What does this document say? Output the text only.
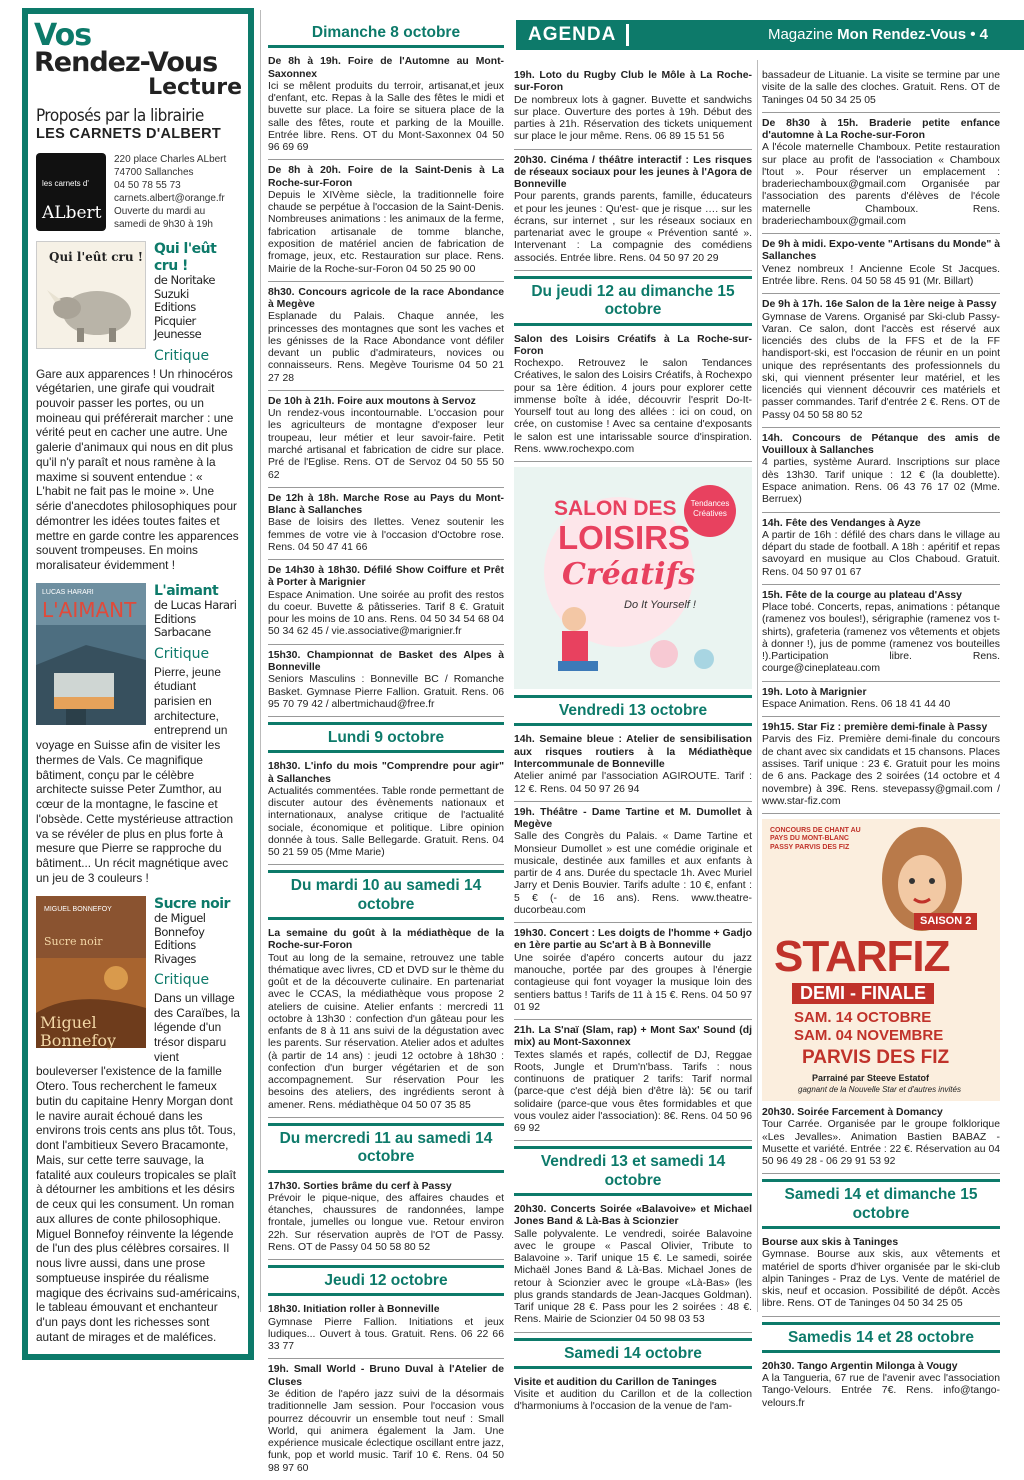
AGENDA	Magazine Mon Rendez-Vous • 4
Vos
Rendez-Vous
Lecture
Proposés par la librairie
LES CARNETS D'ALBERT
les carnets d'
ALbert
220 place Charles ALbert
74700 Sallanches
04 50 78 55 73
carnets.albert@orange.fr
Ouverte du mardi au
samedi de 9h30 à 19h
Qui l'eût cru ! Qui l'eût cru !
de Noritake Suzuki
Editions Picquier
Jeunesse
Critique
Gare aux apparences ! Un rhinocéros végétarien, une girafe qui voudrait pouvoir passer les portes, ou un moineau qui préférerait marcher : une vérité peut en cacher une autre. Une galerie d'animaux qui nous en dit plus qu'il n'y paraît et nous ramène à la maxime si souvent entendue : « L'habit ne fait pas le moine ». Une série d'anecdotes philosophiques pour démontrer les idées toutes faites et mettre en garde contre les apparences souvent trompeuses. En moins moralisateur évidemment !
LUCAS HARARI
L'AIMANT
L'aimant
de Lucas Harari
Editions Sarbacane
Critique
Pierre, jeune étudiant parisien en architecture, entreprend un voyage en Suisse afin de visiter les thermes de Vals. Ce magnifique bâtiment, conçu par le célèbre architecte suisse Peter Zumthor, au cœur de la montagne, le fascine et l'obsède. Cette mystérieuse attraction va se révéler de plus en plus forte à mesure que Pierre se rapproche du bâtiment... Un récit magnétique avec un jeu de 3 couleurs !
MIGUEL BONNEFOY
Sucre noir
Miguel Bonnefoy
Sucre noir
de Miguel Bonnefoy
Editions Rivages
Critique
Dans un village des Caraïbes, la légende d'un trésor disparu vient bouleverser l'existence de la famille Otero. Tous recherchent le fameux butin du capitaine Henry Morgan dont le navire aurait échoué dans les environs trois cents ans plus tôt. Tous, dont l'ambitieux Severo Bracamonte, Mais, sur cette terre sauvage, la fatalité aux couleurs tropicales se plaît à détourner les ambitions et les désirs de ceux qui les consument. Un roman aux allures de conte philosophique. Miguel Bonnefoy réinvente la légende de l'un des plus célèbres corsaires. Il nous livre aussi, dans une prose somptueuse inspirée du réalisme magique des écrivains sud-américains, le tableau émouvant et enchanteur d'un pays dont les richesses sont autant de mirages et de maléfices.
Dimanche 8 octobre
De 8h à 19h. Foire de l'Automne au Mont-Saxonnex
Ici se mêlent produits du terroir, artisanat,et jeux d'enfant, etc. Repas à la Salle des fêtes le midi et buvette sur place. La foire se situera place de la salle des fêtes, route et parking de la Mouille. Entrée libre. Rens. OT du Mont-Saxonnex 04 50 96 69 69
De 8h à 20h. Foire de la Saint-Denis à La Roche-sur-Foron
Depuis le XIVème siècle, la traditionnelle foire chaude se perpétue à l'occasion de la Saint-Denis. Nombreuses animations : les animaux de la ferme, fabrication artisanale de tomme blanche, exposition de matériel ancien de fabrication de fromage, jeux, etc. Restauration sur place. Rens. Mairie de la Roche-sur-Foron 04 50 25 90 00
8h30. Concours agricole de la race Abondance à Megève
Esplanade du Palais. Chaque année, les princesses des montagnes que sont les vaches et les génisses de la Race Abondance vont défiler devant un public d'admirateurs, novices ou connaisseurs. Rens. Megève Tourisme 04 50 21 27 28
De 10h à 21h. Foire aux moutons à Servoz
Un rendez-vous incontournable. L'occasion pour les agriculteurs de montagne d'exposer leur troupeau, leur métier et leur savoir-faire. Petit marché artisanal et fabrication de cidre sur place. Pré de l'Eglise. Rens. OT de Servoz 04 50 55 50 62
De 12h à 18h. Marche Rose au Pays du Mont-Blanc à Sallanches
Base de loisirs des Ilettes. Venez soutenir les femmes de votre vie à l'occasion d'Octobre rose. Rens. 04 50 47 41 66
De 14h30 à 18h30. Défilé Show Coiffure et Prêt à Porter à Marignier
Espace Animation. Une soirée au profit des restos du coeur. Buvette & pâtisseries. Tarif 8 €. Gratuit pour les moins de 10 ans. Rens. 04 50 34 54 68 04 50 34 62 45 / vie.associative@marignier.fr
15h30. Championnat de Basket des Alpes à Bonneville
Seniors Masculins : Bonneville BC / Romanche Basket. Gymnase Pierre Fallion. Gratuit. Rens. 06 95 70 79 42 / albertmichaud@free.fr
Lundi 9 octobre
18h30. L'info du mois "Comprendre pour agir" à Sallanches
Actualités commentées. Table ronde permettant de discuter autour des évènements nationaux et internationaux, analyse critique de l'actualité sociale, économique et politique. Libre opinion donnée à tous. Salle Bellegarde. Gratuit. Rens. 04 50 21 59 05 (Mme Marie)
Du mardi 10 au samedi 14 octobre
La semaine du goût à la médiathèque de la Roche-sur-Foron
Tout au long de la semaine, retrouvez une table thématique avec livres, CD et DVD sur le thème du goût et de la découverte culinaire. En partenariat avec le CCAS, la médiathèque vous propose 2 ateliers de cuisine. Atelier enfants : mercredi 11 octobre à 13h30 : confection d'un gâteau pour les enfants de 8 à 11 ans suivi de la dégustation avec les parents. Sur réservation. Atelier ados et adultes (à partir de 14 ans) : jeudi 12 octobre à 18h30 : confection d'un burger végétarien et de son accompagnement. Sur réservation Pour les besoins des ateliers, des ingrédients seront à amener. Rens. médiathèque 04 50 07 35 85
Du mercredi 11 au samedi 14 octobre
17h30. Sorties brâme du cerf à Passy
Prévoir le pique-nique, des affaires chaudes et étanches, chaussures de randonnées, lampe frontale, jumelles ou longue vue. Retour environ 22h. Sur réservation auprès de l'OT de Passy. Rens. OT de Passy 04 50 58 80 52
Jeudi 12 octobre
18h30. Initiation roller à Bonneville
Gymnase Pierre Fallion. Initiations et jeux ludiques... Ouvert à tous. Gratuit. Rens. 06 22 66 33 77
19h. Small World - Bruno Duval à l'Atelier de Cluses
3e édition de l'apéro jazz suivi de la désormais traditionnelle Jam session. Pour l'occasion vous pourrez découvrir un ensemble tout neuf : Small World, qui animera également la Jam. Une expérience musicale éclectique oscillant entre jazz, funk, pop et world music. Tarif 10 €. Rens. 04 50 98 97 60
19h. Loto du Rugby Club le Môle à La Roche-sur-Foron
De nombreux lots à gagner. Buvette et sandwichs sur place. Ouverture des portes à 19h. Début des parties à 21h. Réservation des tickets uniquement sur place le jour même. Rens. 06 89 15 51 56
20h30. Cinéma / théâtre interactif : Les risques de réseaux sociaux pour les jeunes à l'Agora de Bonneville
Pour parents, grands parents, famille, éducateurs et pour les jeunes : Qu'est- que je risque …. sur les écrans, sur internet , sur les réseaux sociaux en partenariat avec le groupe « Prévention santé ». Intervenant : La compagnie des comédiens associés. Entrée libre. Rens. 04 50 97 20 29
Du jeudi 12 au dimanche 15 octobre
Salon des Loisirs Créatifs à La Roche-sur-Foron
Rochexpo. Retrouvez le salon Tendances Créatives, le salon des Loisirs Créatifs, à Rochexpo pour sa 1ère édition. 4 jours pour explorer cette immense boîte à idée, découvrir l'esprit Do-It-Yourself tout au long des allées : ici on coud, on crée, on customise ! Avec sa centaine d'exposants le salon est une intarissable source d'inspiration. Rens. www.rochexpo.com
SALON DES
LOISIRS
Créatifs
Do It Yourself !
Tendances Créatives
Vendredi 13 octobre
14h. Semaine bleue : Atelier de sensibilisation aux risques routiers à la Médiathèque Intercommunale de Bonneville
Atelier animé par l'association AGIROUTE. Tarif : 12 €. Rens. 04 50 97 26 94
19h. Théâtre - Dame Tartine et M. Dumollet à Megève
Salle des Congrès du Palais. « Dame Tartine et Monsieur Dumollet » est une comédie originale et musicale, destinée aux familles et aux enfants à partir de 4 ans. Durée du spectacle 1h. Avec Muriel Jarry et Denis Bouvier. Tarifs adulte : 10 €, enfant : 5 € (- de 16 ans). Rens. www.theatre-ducorbeau.com
19h30. Concert : Les doigts de l'homme + Gadjo en 1ère partie au Sc'art à B à Bonneville
Une soirée d'apéro concerts autour du jazz manouche, portée par des groupes à l'énergie contagieuse qui font voyager la musique loin des sentiers battus ! Tarifs de 11 à 15 €. Rens. 04 50 97 01 92
21h. La S'naï (Slam, rap) + Mont Sax' Sound (dj mix) au Mont-Saxonnex
Textes slamés et rapés, collectif de DJ, Reggae Roots, Jungle et Drum'n'bass. Tarifs : nous continuons de pratiquer 2 tarifs: Tarif normal (parce-que c'est déjà bien d'être là): 5€ ou tarif solidaire (parce-que vous êtes formidables et que vous voulez aider l'association): 8€. Rens. 04 50 96 69 92
Vendredi 13 et samedi 14 octobre
20h30. Concerts Soirée «Balavoive» et Michael Jones Band & Là-Bas à Scionzier
Salle polyvalente. Le vendredi, soirée Balavoine avec le groupe « Pascal Olivier, Tribute to Balavoine ». Tarif unique 15 €. Le samedi, soirée Michaël Jones Band & Là-Bas. Michael Jones de retour à Scionzier avec le groupe «Là-Bas» (les plus grands standards de Jean-Jacques Goldman). Tarif unique 28 €. Pass pour les 2 soirées : 48 €. Rens. Mairie de Scionzier 04 50 98 03 53
Samedi 14 octobre
Visite et audition du Carillon de Taninges
Visite et audition du Carillon et de la collection d'harmoniums à l'occasion de la venue de l'am-
bassadeur de Lituanie. La visite se termine par une visite de la salle des cloches. Gratuit. Rens. OT de Taninges 04 50 34 25 05
De 8h30 à 15h. Braderie petite enfance d'automne à La Roche-sur-Foron
A l'école maternelle Chamboux. Petite restauration sur place au profit de l'association « Chamboux l'tout ». Pour réserver un emplacement : braderiechamboux@gmail.com Organisée par l'association des parents d'élèves de l'école maternelle Chamboux. Rens. braderiechamboux@gmail.com
De 9h à midi. Expo-vente "Artisans du Monde" à Sallanches
Venez nombreux ! Ancienne Ecole St Jacques. Entrée libre. Rens. 04 50 58 45 91 (Mr. Billart)
De 9h à 17h. 16e Salon de la 1ère neige à Passy
Gymnase de Varens. Organisé par Ski-club Passy-Varan. Ce salon, dont l'accès est réservé aux licenciés des clubs de la FFS et de la FF handisport-ski, est l'occasion de réunir en un point unique des représentants des professionnels du ski, qui viennent présenter leur matériel, et les licenciés qui viennent découvrir ces matériels et passer commandes. Tarif d'entrée 2 €. Rens. OT de Passy 04 50 58 80 52
14h. Concours de Pétanque des amis de Vouilloux à Sallanches
4 parties, système Aurard. Inscriptions sur place dès 13h30. Tarif unique : 12 € (la doublette). Espace animation. Rens. 06 43 76 17 02 (Mme. Berruex)
14h. Fête des Vendanges à Ayze
A partir de 16h : défilé des chars dans le village au départ du stade de football. A 18h : apéritif et repas savoyard en musique au Clos Chaboud. Gratuit. Rens. 04 50 97 01 67
15h. Fête de la courge au plateau d'Assy
Place tobé. Concerts, repas, animations : pétanque (ramenez vos boules!), sérigraphie (ramenez vos t-shirts), grafeteria (ramenez vos vêtements et objets à donner !), jus de pomme (ramenez vos bouteilles !).Participation libre. Rens. courge@cineplateau.com
19h. Loto à Marignier
Espace Animation. Rens. 06 18 41 44 40
19h15. Star Fiz : première demi-finale à Passy
Parvis des Fiz. Première demi-finale du concours de chant avec six candidats et 15 chansons. Places assises. Tarif unique : 23 €. Gratuit pour les moins de 6 ans. Package des 2 soirées (14 octobre et 4 novembre) à 39€. Rens. stevepassy@gmail.com / www.star-fiz.com
CONCOURS DE CHANT AU PAYS DU MONT-BLANC PASSY PARVIS DES FIZ
SAISON 2
STARFIZ
DEMI - FINALE
SAM. 14 OCTOBRE
SAM. 04 NOVEMBRE
PARVIS DES FIZ
Parrainé par Steeve Estatof
gagnant de la Nouvelle Star et d'autres invités
20h30. Soirée Farcement à Domancy
Tour Carrée. Organisée par le groupe folklorique «Les Jevalles». Animation Bastien BABAZ - Musette et variété. Entrée : 22 €. Réservation au 04 50 96 49 28 - 06 29 91 53 92
Samedi 14 et dimanche 15 octobre
Bourse aux skis à Taninges
Gymnase. Bourse aux skis, aux vêtements et matériel de sports d'hiver organisée par le ski-club alpin Taninges - Praz de Lys. Vente de matériel de skis, neuf et occasion. Possibilité de dépôt. Accès libre. Rens. OT de Taninges 04 50 34 25 05
Samedis 14 et 28 octobre
20h30. Tango Argentin Milonga à Vougy
A la Tangueria, 67 rue de l'avenir avec l'association Tango-Velours. Entrée 7€. Rens. info@tango-velours.fr
